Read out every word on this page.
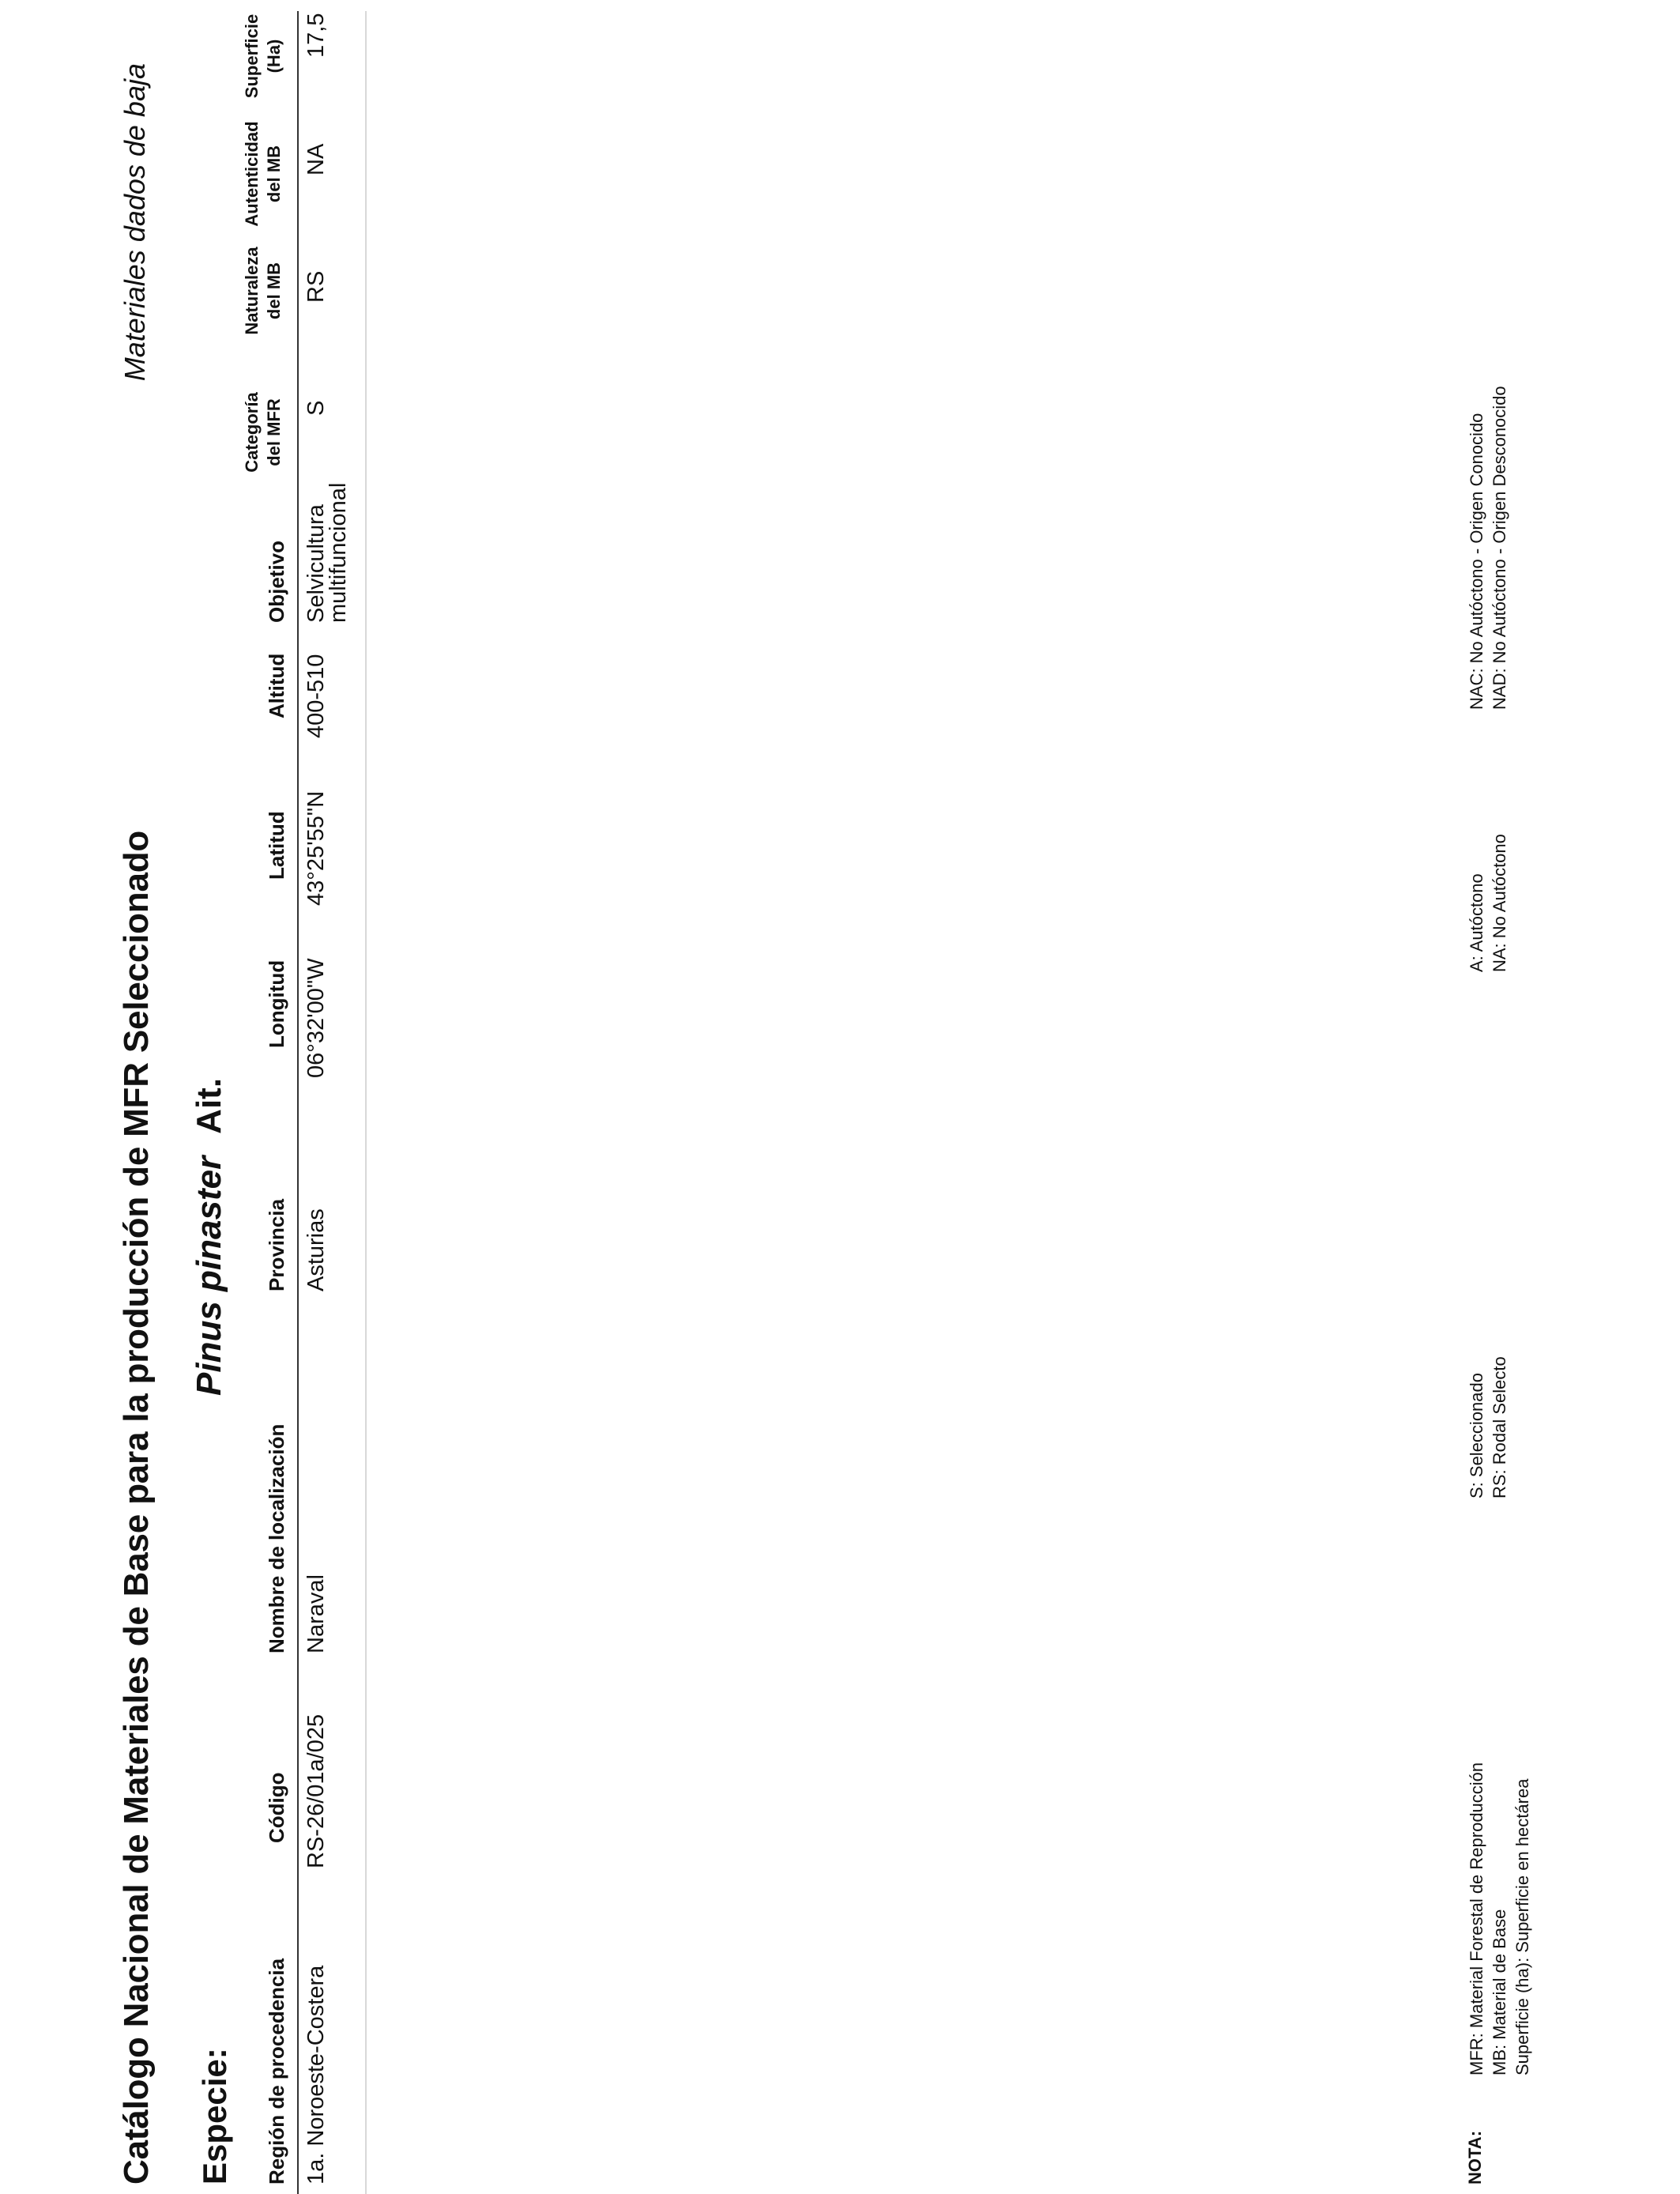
Catálogo Nacional de Materiales de Base para la producción de MFR Seleccionado
Materiales dados de baja
Especie:
Pinus pinasterAit.
Región de procedencia
Código
Nombre de localización
Provincia
Longitud
Latitud
Altitud
Objetivo
Categoría del MFR
Naturaleza del MB
Autenticidad del MB
Superficie (Ha)
1a. Noroeste-Costera
RS-26/01a/025
Naraval
Asturias
06°32'00"W
43°25'55"N
400-510
Selvicultura
multifuncional
S
RS
NA
17,5
NOTA:
MFR: Material Forestal de Reproducción MB: Material de Base Superficie (ha): Superficie en hectárea
S: Seleccionado RS: Rodal Selecto
A: Autóctono NA: No Autóctono
NAC: No Autóctono - Origen Conocido NAD: No Autóctono - Origen Desconocido
